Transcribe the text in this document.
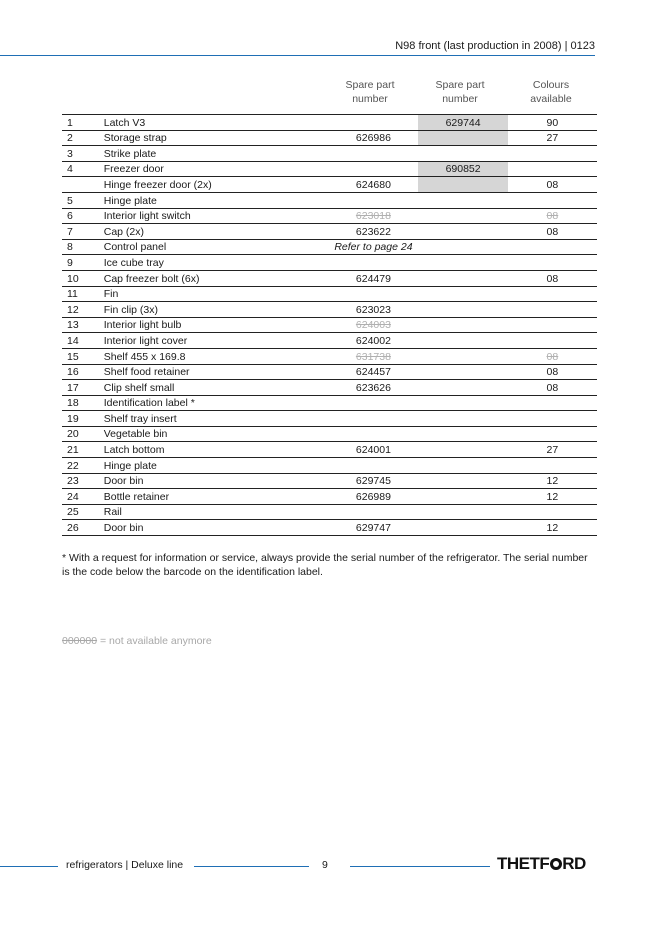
N98 front (last production in 2008) | 0123
Spare part
number
Spare part
number
Colours
available
1	Latch V3		629744	90
2	Storage strap	626986		27
3	Strike plate			
4	Freezer door		690852	
	Hinge freezer door (2x)	624680		08
5	Hinge plate			
6	Interior light switch	623018		08
7	Cap (2x)	623622		08
8	Control panel	Refer to page 24		
9	Ice cube tray			
10	Cap freezer bolt (6x)	624479		08
11	Fin			
12	Fin clip (3x)	623023		
13	Interior light bulb	624003		
14	Interior light cover	624002		
15	Shelf 455 x 169.8	631738		08
16	Shelf food retainer	624457		08
17	Clip shelf small	623626		08
18	Identification label *			
19	Shelf tray insert			
20	Vegetable bin			
21	Latch bottom	624001		27
22	Hinge plate			
23	Door bin	629745		12
24	Bottle retainer	626989		12
25	Rail			
26	Door bin	629747		12
* With a request for information or service, always provide the serial number of the refrigerator. The serial number is the code below the barcode on the identification label.
000000 = not available anymore
refrigerators | Deluxe line	9	THETF RD
